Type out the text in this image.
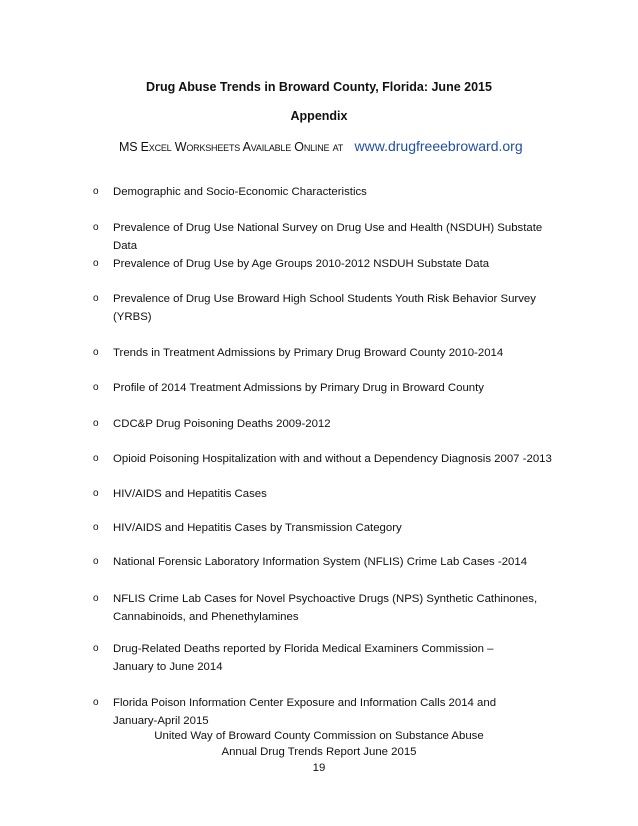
Drug Abuse Trends in Broward County, Florida: June 2015
Appendix
MS Excel Worksheets Available Online at www.drugfreeebroward.org
o	Demographic and Socio-Economic Characteristics
o	Prevalence of Drug Use National Survey on Drug Use and Health (NSDUH) Substate Data
o	Prevalence of Drug Use by Age Groups 2010-2012 NSDUH Substate Data
o	Prevalence of Drug Use Broward High School Students Youth Risk Behavior Survey
(YRBS)
o	Trends in Treatment Admissions by Primary Drug Broward County 2010-2014
o	Profile of 2014 Treatment Admissions by Primary Drug in Broward County
o	CDC&P Drug Poisoning Deaths 2009-2012
o	Opioid Poisoning Hospitalization with and without a Dependency Diagnosis 2007 -2013
o	HIV/AIDS and Hepatitis Cases
o	HIV/AIDS and Hepatitis Cases by Transmission Category
o	National Forensic Laboratory Information System (NFLIS) Crime Lab Cases -2014
o	NFLIS Crime Lab Cases for Novel Psychoactive Drugs (NPS) Synthetic Cathinones,
Cannabinoids, and Phenethylamines
o	Drug-Related Deaths reported by Florida Medical Examiners Commission –
January to June 2014
o	Florida Poison Information Center Exposure and Information Calls 2014 and
January-April 2015
United Way of Broward County Commission on Substance Abuse
Annual Drug Trends Report June 2015
19
